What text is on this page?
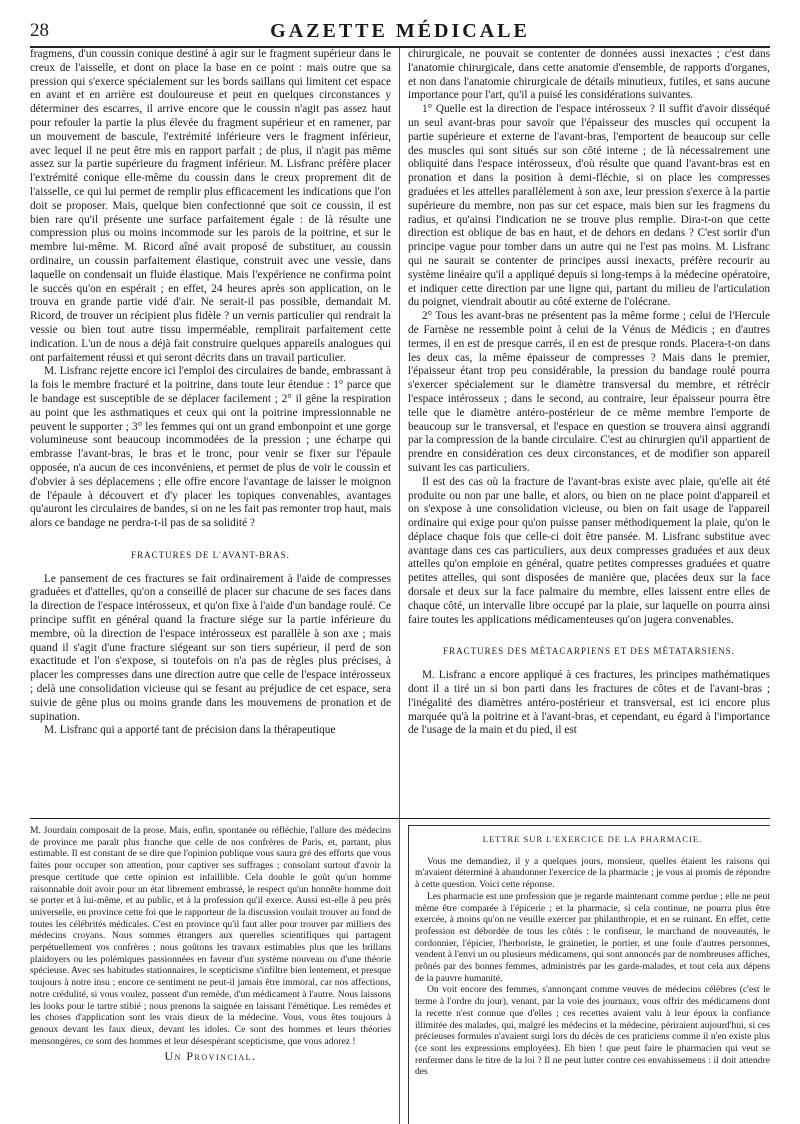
28	GAZETTE MÉDICALE

fragmens, d'un coussin conique destiné à agir sur le fragment supérieur dans le creux de l'aisselle, et dont on place la base en ce point : mais outre que sa pression qui s'exerce spécialement sur les bords saillans qui limitent cet espace en avant et en arrière est douloureuse et peut en quelques circonstances y déterminer des escarres, il arrive encore que le coussin n'agit pas assez haut pour refouler la partie la plus élevée du fragment supérieur et en ramener, par un mouvement de bascule, l'extrémité inférieure vers le fragment inférieur, avec lequel il ne peut être mis en rapport parfait ; de plus, il n'agit pas même assez sur la partie supérieure du fragment inférieur. M. Lisfranc préfère placer l'extrémité conique elle-même du coussin dans le creux proprement dit de l'aisselle, ce qui lui permet de remplir plus efficacement les indications que l'on doit se proposer. Mais, quelque bien confectionné que soit ce coussin, il est bien rare qu'il présente une surface parfaitement égale : de là résulte une compression plus ou moins incommode sur les parois de la poitrine, et sur le membre lui-même. M. Ricord aîné avait proposé de substituer, au coussin ordinaire, un coussin parfaitement élastique, construit avec une vessie, dans laquelle on condensait un fluide élastique. Mais l'expérience ne confirma point le succès qu'on en espérait ; en effet, 24 heures après son application, on le trouva en grande partie vidé d'air. Ne serait-il pas possible, demandait M. Ricord, de trouver un récipient plus fidèle ? un vernis particulier qui rendrait la vessie ou bien tout autre tissu imperméable, remplirait parfaitement cette indication. L'un de nous a déjà fait construire quelques appareils analogues qui ont parfaitement réussi et qui seront décrits dans un travail particulier.

M. Lisfranc rejette encore ici l'emploi des circulaires de bande, embrassant à la fois le membre fracturé et la poitrine, dans toute leur étendue : 1° parce que le bandage est susceptible de se déplacer facilement ; 2° il gêne la respiration au point que les asthmatiques et ceux qui ont la poitrine impressionnable ne peuvent le supporter ; 3° les femmes qui ont un grand embonpoint et une gorge volumineuse sont beaucoup incommodées de la pression ; une écharpe qui embrasse l'avant-bras, le bras et le tronc, pour venir se fixer sur l'épaule opposée, n'a aucun de ces inconvéniens, et permet de plus de voir le coussin et d'obvier à ses déplacemens ; elle offre encore l'avantage de laisser le moignon de l'épaule à découvert et d'y placer les topiques convenables, avantages qu'auront les circulaires de bandes, si on ne les fait pas remonter trop haut, mais alors ce bandage ne perdra-t-il pas de sa solidité ?

FRACTURES DE L'AVANT-BRAS.

Le pansement de ces fractures se fait ordinairement à l'aide de compresses graduées et d'attelles, qu'on a conseillé de placer sur chacune de ses faces dans la direction de l'espace intérosseux, et qu'on fixe à l'aide d'un bandage roulé. Ce principe suffit en général quand la fracture siége sur la partie inférieure du membre, où la direction de l'espace intérosseux est parallèle à son axe ; mais quand il s'agit d'une fracture siégeant sur son tiers supérieur, il perd de son exactitude et l'on s'expose, si toutefois on n'a pas de règles plus précises, à placer les compresses dans une direction autre que celle de l'espace intérosseux ; delà une consolidation vicieuse qui se fesant au préjudice de cet espace, sera suivie de gêne plus ou moins grande dans les mouvemens de pronation et de supination.

M. Lisfranc qui a apporté tant de précision dans la thérapeutique

chirurgicale, ne pouvait se contenter de données aussi inexactes ; c'est dans l'anatomie chirurgicale, dans cette anatomie d'ensemble, de rapports d'organes, et non dans l'anatomie chirurgicale de détails minutieux, futiles, et sans aucune importance pour l'art, qu'il a puisé les considérations suivantes.

1° Quelle est la direction de l'espace intérosseux ? Il suffit d'avoir disséqué un seul avant-bras pour savoir que l'épaisseur des muscles qui occupent la partie supérieure et externe de l'avant-bras, l'emportent de beaucoup sur celle des muscles qui sont situés sur son côté interne ; de là nécessairement une obliquité dans l'espace intérosseux, d'où résulte que quand l'avant-bras est en pronation et dans la position à demi-fléchie, si on place les compresses graduées et les attelles parallèlement à son axe, leur pression s'exerce à la partie supérieure du membre, non pas sur cet espace, mais bien sur les fragmens du radius, et qu'ainsi l'indication ne se trouve plus remplie. Dira-t-on que cette direction est oblique de bas en haut, et de dehors en dedans ? C'est sortir d'un principe vague pour tomber dans un autre qui ne l'est pas moins. M. Lisfranc qui ne saurait se contenter de principes aussi inexacts, préfère recourir au système linéaire qu'il a appliqué depuis si long-temps à la médecine opératoire, et indiquer cette direction par une ligne qui, partant du milieu de l'articulation du poignet, viendrait aboutir au côté externe de l'olécrane.

2° Tous les avant-bras ne présentent pas la même forme ; celui de l'Hercule de Farnèse ne ressemble point à celui de la Vénus de Médicis ; en d'autres termes, il en est de presque carrés, il en est de presque ronds. Placera-t-on dans les deux cas, la même épaisseur de compresses ? Mais dans le premier, l'épaisseur étant trop peu considérable, la pression du bandage roulé pourra s'exercer spécialement sur le diamètre transversal du membre, et rétrécir l'espace intérosseux ; dans le second, au contraire, leur épaisseur pourra être telle que le diamètre antéro-postérieur de ce même membre l'emporte de beaucoup sur le transversal, et l'espace en question se trouvera ainsi aggrandi par la compression de la bande circulaire. C'est au chirurgien qu'il appartient de prendre en considération ces deux circonstances, et de modifier son appareil suivant les cas particuliers.

Il est des cas où la fracture de l'avant-bras existe avec plaie, qu'elle ait été produite ou non par une balle, et alors, ou bien on ne place point d'appareil et on s'expose à une consolidation vicieuse, ou bien on fait usage de l'appareil ordinaire qui exige pour qu'on puisse panser méthodiquement la plaie, qu'on le déplace chaque fois que celle-ci doit être pansée. M. Lisfranc substitue avec avantage dans ces cas particuliers, aux deux compresses graduées et aux deux attelles qu'on emploie en général, quatre petites compresses graduées et quatre petites attelles, qui sont disposées de manière que, placées deux sur la face dorsale et deux sur la face palmaire du membre, elles laissent entre elles de chaque côté, un intervalle libre occupé par la plaie, sur laquelle on pourra ainsi faire toutes les applications médicamenteuses qu'on jugera convenables.

FRACTURES DES MÉTACARPIENS ET DES MÉTATARSIENS.

M. Lisfranc a encore appliqué à ces fractures, les principes mathématiques dont il a tiré un si bon parti dans les fractures de côtes et de l'avant-bras ; l'inégalité des diamètres antéro-postérieur et transversal, est ici encore plus marquée qu'à la poitrine et à l'avant-bras, et cependant, eu égard à l'importance de l'usage de la main et du pied, il est

M. Jourdain composait de la prose. Mais, enfin, spontanée ou réfléchie, l'allure des médecins de province me paraît plus franche que celle de nos confrères de Paris, et, partant, plus estimable. Il est constant de se dire que l'opinion publique vous saura gré des efforts que vous faites pour occuper son attention, pour captiver ses suffrages ; consolant surtout d'avoir la presque certitude que cette opinion est infaillible. Cela double le goût qu'un homme raisonnable doit avoir pour un état librement embrassé, le respect qu'un honnête homme doit se porter et à lui-même, et au public, et à la profession qu'il exerce. Aussi est-elle à peu près universelle, en province cette foi que le rapporteur de la discussion voulait trouver au fond de toutes les célébrités médicales. C'est en province qu'il faut aller pour trouver par milliers des médecins croyans. Nous sommes étrangers aux querelles scientifiques qui partagent perpétuellement vos confrères ; nous goûtons les travaux estimables plus que les brillans plaidoyers ou les polémiques passionnées en faveur d'un système nouveau ou d'une théorie spécieuse. Avec ses habitudes stationnaires, le scepticisme s'infiltre bien lentement, et presque toujours à notre insu ; encore ce sentiment ne peut-il jamais être immoral, car nos affections, notre crédulité, si vous voulez, passent d'un remède, d'un médicament à l'autre. Nous laissons les looks pour le tartre stibié ; nous prenons la saignée en laissant l'émétique. Les remèdes et les choses d'application sont les vrais dieux de la médecine. Vous, vous êtes toujours à genoux devant les faux dieux, devant les idoles. Ce sont des hommes et leurs théories mensongères, ce sont des hommes et leur désespérant scepticisme, que vous adorez !

Un Provincial.
LETTRE SUR L'EXERCICE DE LA PHARMACIE.

Vous me demandiez, il y a quelques jours, monsieur, quelles étaient les raisons qui m'avaient déterminé à abandonner l'exercice de la pharmacie ; je vous ai promis de répondre à cette question. Voici cette réponse.

Les pharmacie est une profession que je regarde maintenant comme perdue ; elle ne peut même être comparée à l'épicerie ; et la pharmacie, si cela continue, ne pourra plus être exercée, à moins qu'on ne veuille exercer par philanthropie, et en se ruinant. En effet, cette profession est débordée de tous les côtés : le confiseur, le marchand de nouveautés, le cordonnier, l'épicier, l'herboriste, le grainetier, le portier, et une foule d'autres personnes, vendent à l'envi un ou plusieurs médicamens, qui sont annoncés par de nombreuses affiches, prônés par des bonnes femmes, administrés par les garde-malades, et tout cela aux dépens de la pauvre humanité.

On voit encore des femmes, s'annonçant comme veuves de médecins célèbres (c'est le terme à l'ordre du jour), venant, par la voie des journaux, vous offrir des médicamens dont la recette n'est connue que d'elles ; ces recettes avaient valu à leur époux la confiance illimitée des malades, qui, malgré les médecins et la médecine, périraient aujourd'hui, si ces précieuses formules n'avaient surgi lors du décès de ces praticiens comme il n'en existe plus (ce sont les expressions employées). Eh bien ! que peut faire le pharmacien qui veut se renfermer dans le titre de la loi ? Il ne peut lutter contre ces envahissemens : il doit attendre des
